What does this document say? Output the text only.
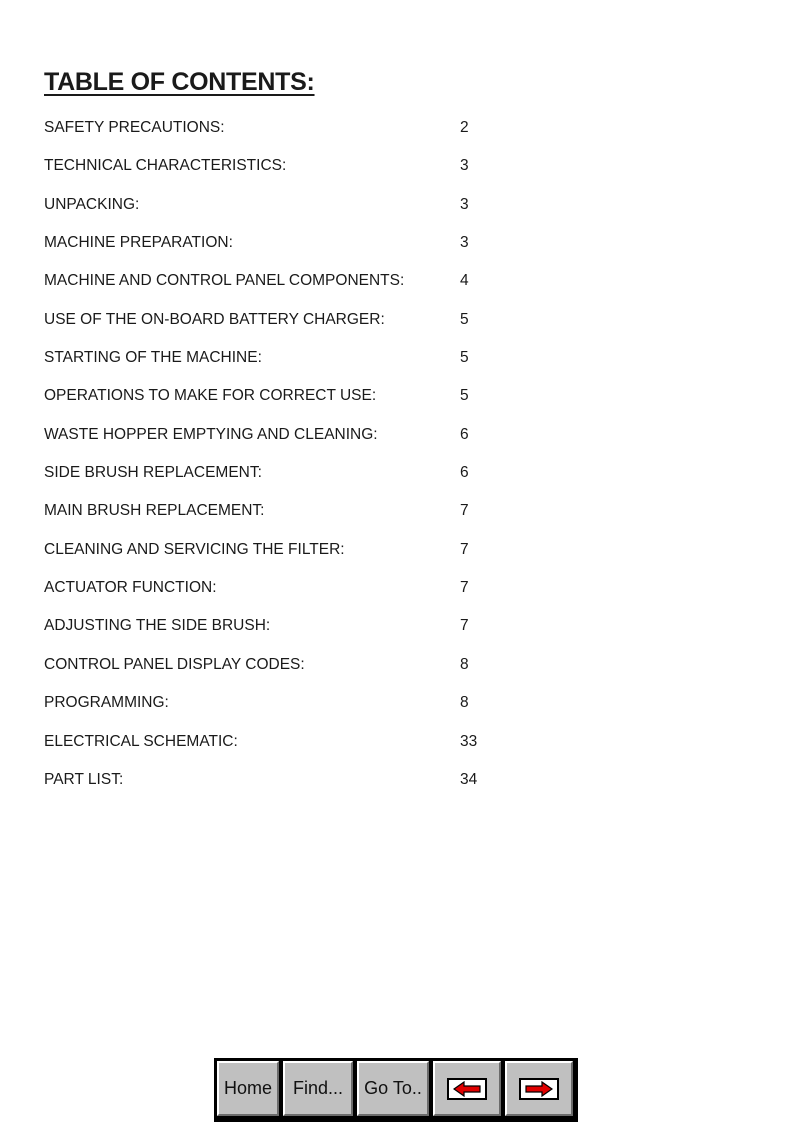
TABLE OF CONTENTS:
SAFETY PRECAUTIONS:	2
TECHNICAL CHARACTERISTICS:	3
UNPACKING:	3
MACHINE PREPARATION:	3
MACHINE AND CONTROL PANEL COMPONENTS:	4
USE OF THE ON-BOARD BATTERY CHARGER:	5
STARTING OF THE MACHINE:	5
OPERATIONS TO MAKE FOR CORRECT USE:	5
WASTE HOPPER EMPTYING AND CLEANING:	6
SIDE BRUSH REPLACEMENT:	6
MAIN BRUSH REPLACEMENT:	7
CLEANING AND SERVICING THE FILTER:	7
ACTUATOR FUNCTION:	7
ADJUSTING THE SIDE BRUSH:	7
CONTROL PANEL DISPLAY CODES:	8
PROGRAMMING:	8
ELECTRICAL SCHEMATIC:	33
PART LIST:	34
Home	Find...	Go To..
